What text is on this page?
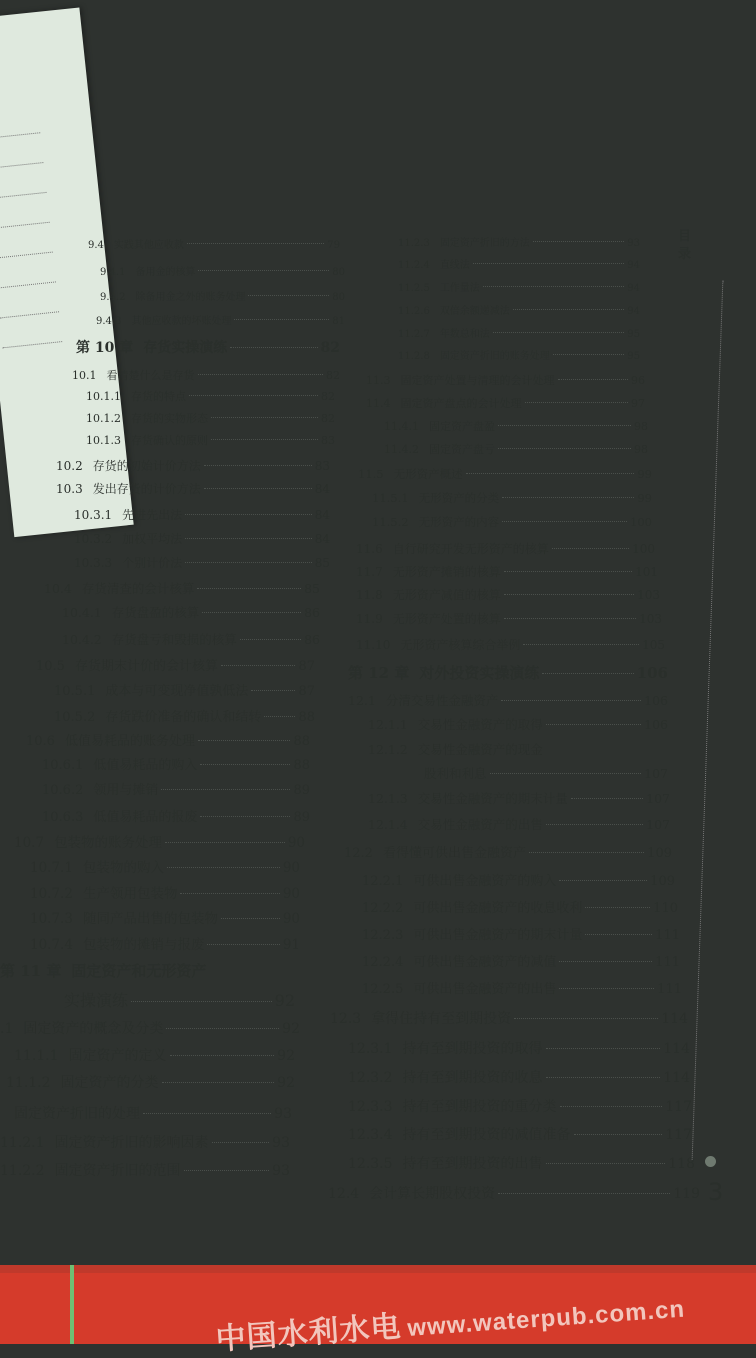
9.4 实践其他应收款	79
9.4.1 备用金的核算	80
9.4.2 除备用金之外的账务处理	80
9.4.3 其他应收款的坏账处理	81
第 10 章 存货实操演练	82
10.1 看清楚什么是存货	82
10.1.1 存货的特点	82
10.1.2 存货的实物形态	82
10.1.3 存货确认的原则	83
10.2 存货的初始计价方法	83
10.3 发出存货的计价方法	84
10.3.1 先进先出法	84
10.3.2 加权平均法	84
10.3.3 个别计价法	85
10.4 存货清查的会计核算	85
10.4.1 存货盘盈的核算	86
10.4.2 存货盘亏和毁损的核算	86
10.5 存货期末计价的会计核算	87
10.5.1 成本与可变现净值孰低法	87
10.5.2 存货跌价准备的确认和结转	88
10.6 低值易耗品的账务处理	88
10.6.1 低值易耗品的购入	88
10.6.2 领用与摊销	89
10.6.3 低值易耗品的报废	89
10.7 包装物的账务处理	90
10.7.1 包装物的购入	90
10.7.2 生产领用包装物	90
10.7.3 随同产品出售的包装物	90
10.7.4 包装物的摊销与报废	91
第 11 章 固定资产和无形资产
实操演练	92
.1 固定资产的概念及分类	92
11.1.1 固定资产的定义	92
11.1.2 固定资产的分类	92
固定资产折旧的处理	93
11.2.1 固定资产折旧的影响因素	93
11.2.2 固定资产折旧的范围	93
11.2.3 固定资产折旧的方法	93
11.2.4 直线法	94
11.2.5 工作量法	94
11.2.6 双倍余额递减法	94
11.2.7 年数总和法	95
11.2.8 固定资产折旧的账务处理	95
11.3 固定资产处置与清理的会计处理	96
11.4 固定资产盘点的会计处理	97
11.4.1 固定资产盘盈	98
11.4.2 固定资产盘亏	98
11.5 无形资产概述	99
11.5.1 无形资产的分类	99
11.5.2 无形资产的内容	100
11.6 自行研究开发无形资产的核算	100
11.7 无形资产摊销的核算	101
11.8 无形资产减值的核算	103
11.9 无形资产处置的核算	103
11.10 无形资产核算综合举例	105
第 12 章 对外投资实操演练	106
12.1 分清交易性金融资产	106
12.1.1 交易性金融资产的取得	106
12.1.2 交易性金融资产的现金
股利和利息	107
12.1.3 交易性金融资产的期末计量	107
12.1.4 交易性金融资产的出售	107
12.2 看得懂可供出售金融资产	109
12.2.1 可供出售金融资产的购入	109
12.2.2 可供出售金融资产的收息收利	110
12.2.3 可供出售金融资产的期末计量	111
12.2.4 可供出售金融资产的减值	111
12.2.5 可供出售金融资产的出售	111
12.3 拿得住持有至到期投资	114
12.3.1 持有至到期投资的取得	114
12.3.2 持有至到期投资的收息	114
12.3.3 持有至到期投资的重分类	117
12.3.4 持有至到期投资的减值准备	117
12.3.5 持有至到期投资的出售	118
12.4 会计算长期股权投资	119
目录
3
中国水利水电 www.waterpub.com.cn
